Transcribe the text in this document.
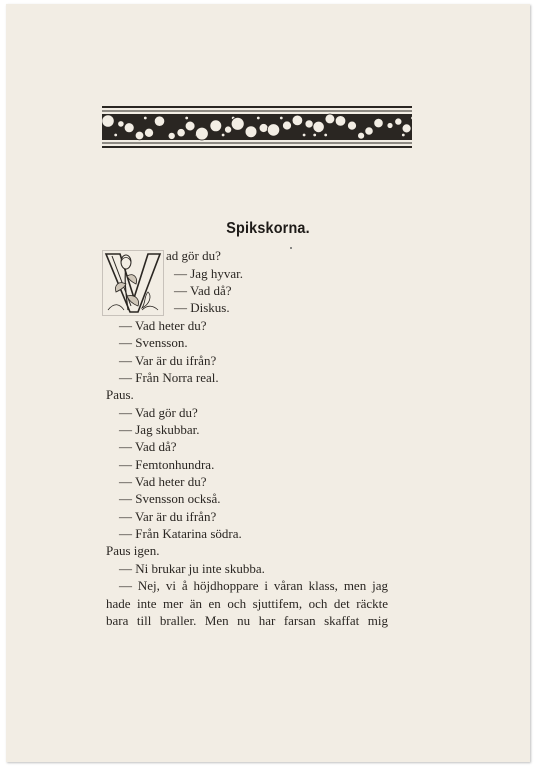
Spikskorna.
ad gör du?
— Jag hyvar.
— Vad då?
— Diskus.
— Vad heter du?
— Svensson.
— Var är du ifrån?
— Från Norra real.
Paus.
— Vad gör du?
— Jag skubbar.
— Vad då?
— Femtonhundra.
— Vad heter du?
— Svensson också.
— Var är du ifrån?
— Från Katarina södra.
Paus igen.
— Ni brukar ju inte skubba.
— Nej, vi å höjdhoppare i våran klass, men jag
hade inte mer än en och sjuttifem, och det räckte
bara till braller. Men nu har farsan skaffat mig
